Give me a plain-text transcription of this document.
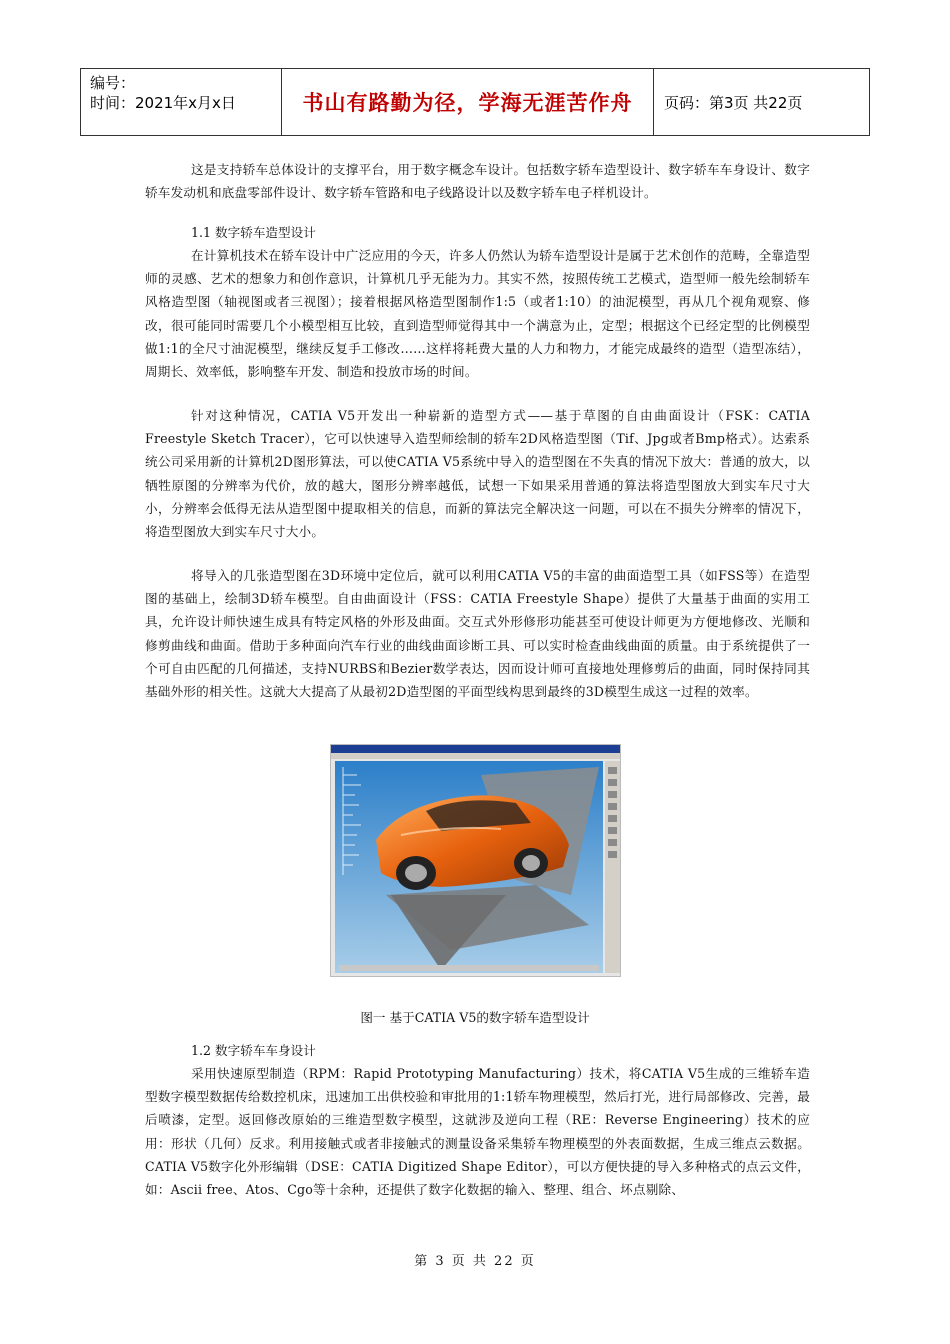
编号：
时间：2021年x月x日	书山有路勤为径，学海无涯苦作舟	页码：第3页 共22页

这是支持轿车总体设计的支撑平台，用于数字概念车设计。包括数字轿车造型设计、数字轿车车身设计、数字轿车发动机和底盘零部件设计、数字轿车管路和电子线路设计以及数字轿车电子样机设计。

1.1 数字轿车造型设计

在计算机技术在轿车设计中广泛应用的今天，许多人仍然认为轿车造型设计是属于艺术创作的范畴，全靠造型师的灵感、艺术的想象力和创作意识，计算机几乎无能为力。其实不然，按照传统工艺模式，造型师一般先绘制轿车风格造型图（轴视图或者三视图）；接着根据风格造型图制作1:5（或者1:10）的油泥模型，再从几个视角观察、修改，很可能同时需要几个小模型相互比较，直到造型师觉得其中一个满意为止，定型；根据这个已经定型的比例模型做1:1的全尺寸油泥模型，继续反复手工修改……这样将耗费大量的人力和物力，才能完成最终的造型（造型冻结），周期长、效率低，影响整车开发、制造和投放市场的时间。

针对这种情况，CATIA V5开发出一种崭新的造型方式——基于草图的自由曲面设计（FSK：CATIA Freestyle Sketch Tracer），它可以快速导入造型师绘制的轿车2D风格造型图（Tif、Jpg或者Bmp格式）。达索系统公司采用新的计算机2D图形算法，可以使CATIA V5系统中导入的造型图在不失真的情况下放大：普通的放大，以牺牲原图的分辨率为代价，放的越大，图形分辨率越低，试想一下如果采用普通的算法将造型图放大到实车尺寸大小，分辨率会低得无法从造型图中提取相关的信息，而新的算法完全解决这一问题，可以在不损失分辨率的情况下，将造型图放大到实车尺寸大小。

将导入的几张造型图在3D环境中定位后，就可以利用CATIA V5的丰富的曲面造型工具（如FSS等）在造型图的基础上，绘制3D轿车模型。自由曲面设计（FSS：CATIA Freestyle Shape）提供了大量基于曲面的实用工具，允许设计师快速生成具有特定风格的外形及曲面。交互式外形修形功能甚至可使设计师更为方便地修改、光顺和修剪曲线和曲面。借助于多种面向汽车行业的曲线曲面诊断工具、可以实时检查曲线曲面的质量。由于系统提供了一个可自由匹配的几何描述，支持NURBS和Bezier数学表达，因而设计师可直接地处理修剪后的曲面，同时保持同其基础外形的相关性。这就大大提高了从最初2D造型图的平面型线构思到最终的3D模型生成这一过程的效率。

图一 基于CATIA V5的数字轿车造型设计

1.2 数字轿车车身设计

采用快速原型制造（RPM：Rapid Prototyping Manufacturing）技术，将CATIA V5生成的三维轿车造型数字模型数据传给数控机床，迅速加工出供校验和审批用的1:1轿车物理模型，然后打光，进行局部修改、完善，最后喷漆，定型。返回修改原始的三维造型数字模型，这就涉及逆向工程（RE：Reverse Engineering）技术的应用：形状（几何）反求。利用接触式或者非接触式的测量设备采集轿车物理模型的外表面数据，生成三维点云数据。CATIA V5数字化外形编辑（DSE：CATIA Digitized Shape Editor），可以方便快捷的导入多种格式的点云文件，如：Ascii free、Atos、Cgo等十余种，还提供了数字化数据的输入、整理、组合、坏点剔除、

第 3 页 共 22 页
